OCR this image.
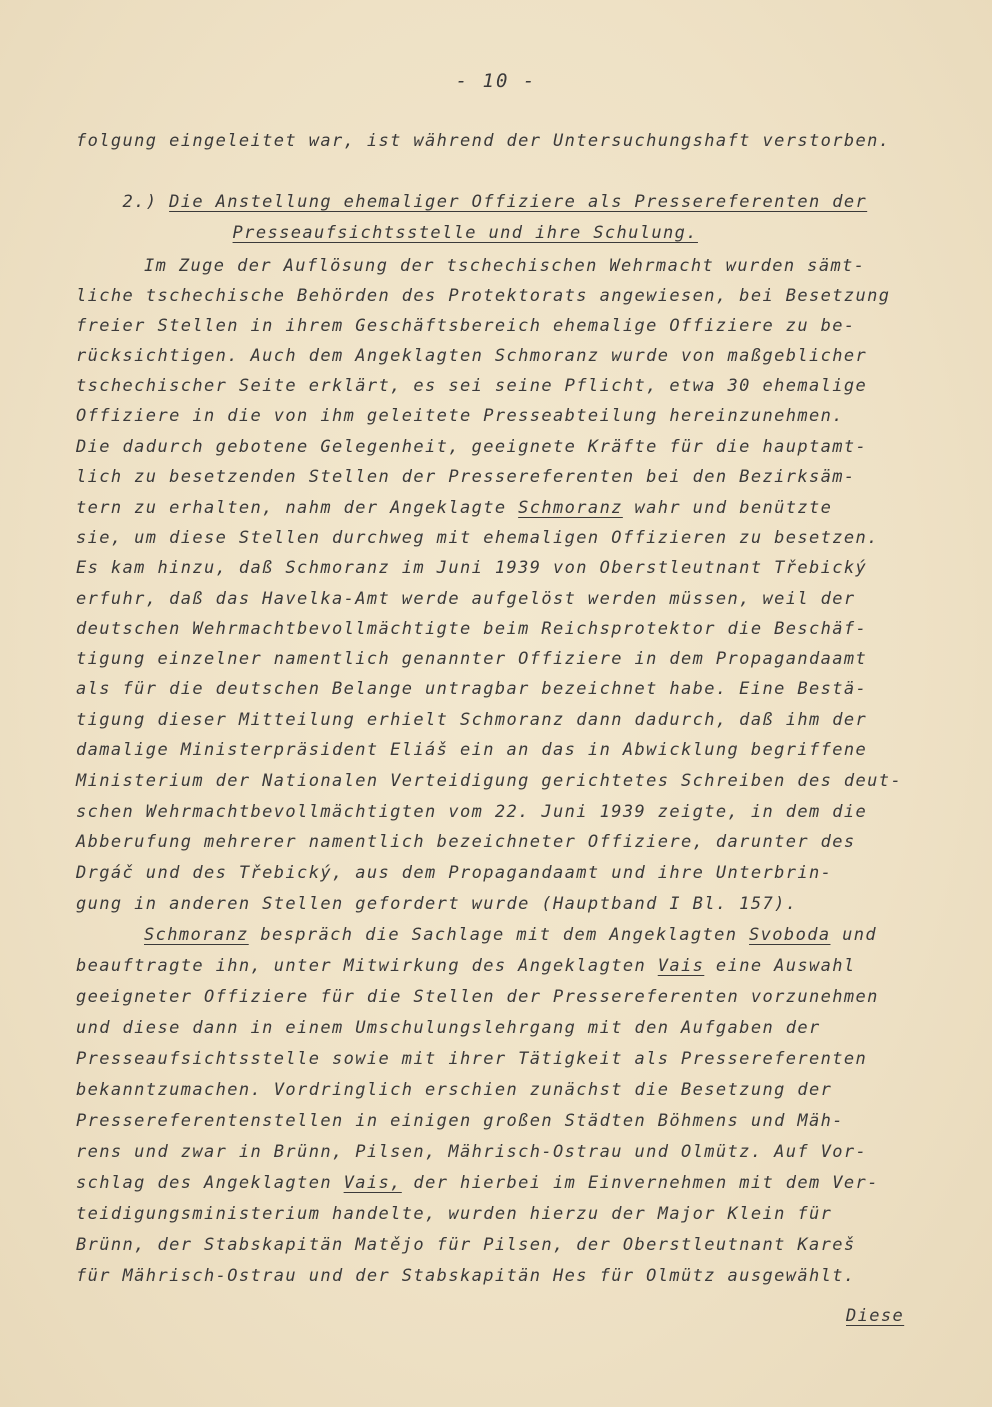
- 10 -
folgung eingeleitet war, ist während der Untersuchungshaft verstorben.

2.) Die Anstellung ehemaliger Offiziere als Pressereferenten der

Presseaufsichtsstelle und ihre Schulung.

Im Zuge der Auflösung der tschechischen Wehrmacht wurden sämt-
liche tschechische Behörden des Protektorats angewiesen, bei Besetzung
freier Stellen in ihrem Geschäftsbereich ehemalige Offiziere zu be-
rücksichtigen. Auch dem Angeklagten Schmoranz wurde von maßgeblicher
tschechischer Seite erklärt, es sei seine Pflicht, etwa 30 ehemalige
Offiziere in die von ihm geleitete Presseabteilung hereinzunehmen.
Die dadurch gebotene Gelegenheit, geeignete Kräfte für die hauptamt-
lich zu besetzenden Stellen der Pressereferenten bei den Bezirksäm-
tern zu erhalten, nahm der Angeklagte Schmoranz wahr und benützte
sie, um diese Stellen durchweg mit ehemaligen Offizieren zu besetzen.
Es kam hinzu, daß Schmoranz im Juni 1939 von Oberstleutnant Třebický
erfuhr, daß das Havelka-Amt werde aufgelöst werden müssen, weil der
deutschen Wehrmachtbevollmächtigte beim Reichsprotektor die Beschäf-
tigung einzelner namentlich genannter Offiziere in dem Propagandaamt
als für die deutschen Belange untragbar bezeichnet habe. Eine Bestä-
tigung dieser Mitteilung erhielt Schmoranz dann dadurch, daß ihm der
damalige Ministerpräsident Eliáš ein an das in Abwicklung begriffene
Ministerium der Nationalen Verteidigung gerichtetes Schreiben des deut-
schen Wehrmachtbevollmächtigten vom 22. Juni 1939 zeigte, in dem die
Abberufung mehrerer namentlich bezeichneter Offiziere, darunter des
Drgáč und des Třebický, aus dem Propagandaamt und ihre Unterbrin-
gung in anderen Stellen gefordert wurde (Hauptband I Bl. 157).
Schmoranz bespräch die Sachlage mit dem Angeklagten Svoboda und
beauftragte ihn, unter Mitwirkung des Angeklagten Vais eine Auswahl
geeigneter Offiziere für die Stellen der Pressereferenten vorzunehmen
und diese dann in einem Umschulungslehrgang mit den Aufgaben der
Presseaufsichtsstelle sowie mit ihrer Tätigkeit als Pressereferenten
bekanntzumachen. Vordringlich erschien zunächst die Besetzung der
Pressereferentenstellen in einigen großen Städten Böhmens und Mäh-
rens und zwar in Brünn, Pilsen, Mährisch-Ostrau und Olmütz. Auf Vor-
schlag des Angeklagten Vais, der hierbei im Einvernehmen mit dem Ver-
teidigungsministerium handelte, wurden hierzu der Major Klein für
Brünn, der Stabskapitän Matějo für Pilsen, der Oberstleutnant Kareš
für Mährisch-Ostrau und der Stabskapitän Hes für Olmütz ausgewählt.
Diese
